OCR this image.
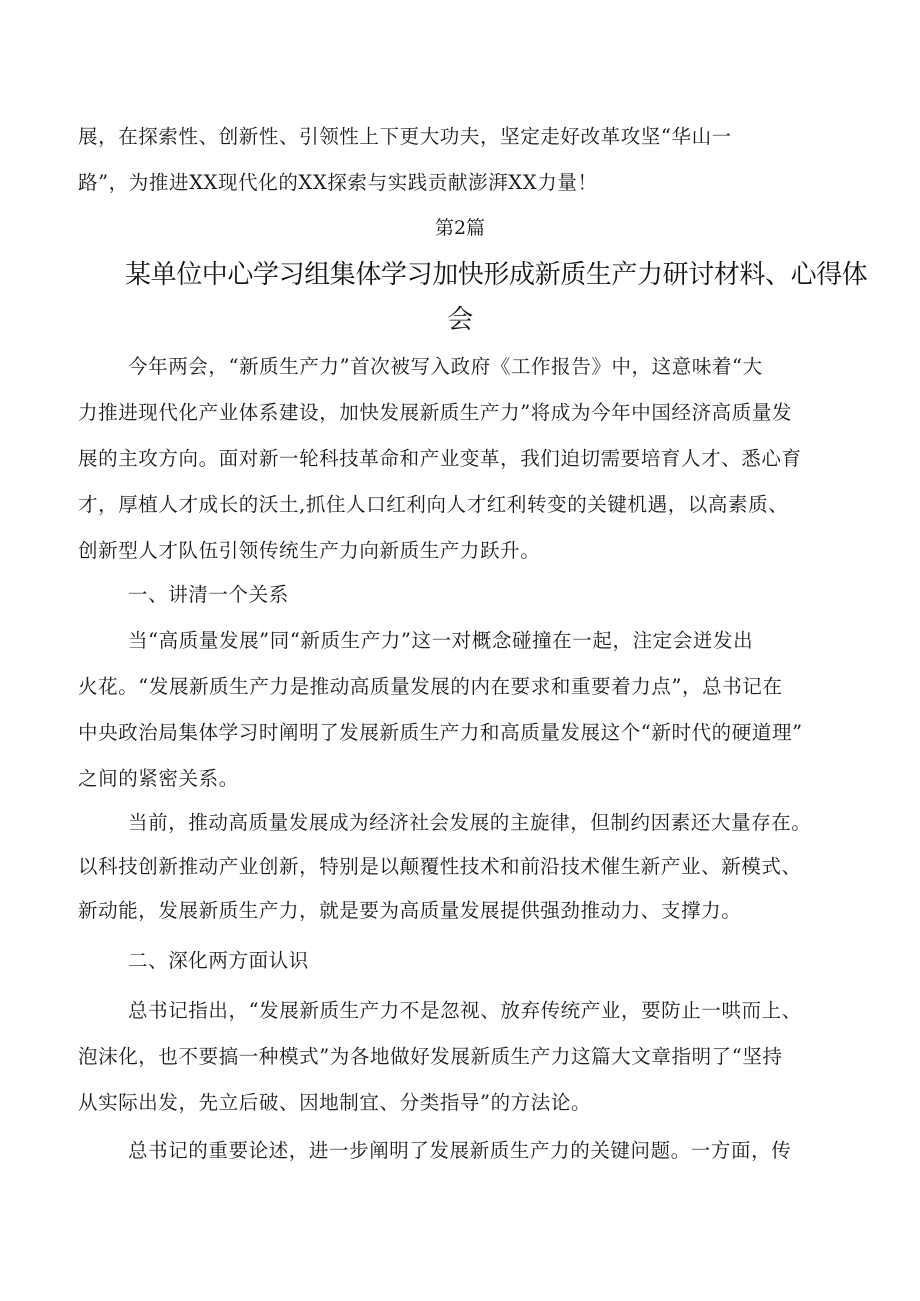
展，在探索性、创新性、引领性上下更大功夫，坚定走好改革攻坚“华山一
路”，为推进XX现代化的XX探索与实践贡献澎湃XX力量！
第2篇
某单位中心学习组集体学习加快形成新质生产力研讨材料、心得体
会
今年两会，“新质生产力”首次被写入政府《工作报告》中，这意味着“大
力推进现代化产业体系建设，加快发展新质生产力”将成为今年中国经济高质量发
展的主攻方向。面对新一轮科技革命和产业变革，我们迫切需要培育人才、悉心育
才，厚植人才成长的沃土,抓住人口红利向人才红利转变的关键机遇，以高素质、
创新型人才队伍引领传统生产力向新质生产力跃升。
一、讲清一个关系
当“高质量发展”同“新质生产力”这一对概念碰撞在一起，注定会迸发出
火花。“发展新质生产力是推动高质量发展的内在要求和重要着力点”，总书记在
中央政治局集体学习时阐明了发展新质生产力和高质量发展这个“新时代的硬道理”
之间的紧密关系。
当前，推动高质量发展成为经济社会发展的主旋律，但制约因素还大量存在。
以科技创新推动产业创新，特别是以颠覆性技术和前沿技术催生新产业、新模式、
新动能，发展新质生产力，就是要为高质量发展提供强劲推动力、支撑力。
二、深化两方面认识
总书记指出，“发展新质生产力不是忽视、放弃传统产业，要防止一哄而上、
泡沫化，也不要搞一种模式”为各地做好发展新质生产力这篇大文章指明了“坚持
从实际出发，先立后破、因地制宜、分类指导”的方法论。
总书记的重要论述，进一步阐明了发展新质生产力的关键问题。一方面，传
